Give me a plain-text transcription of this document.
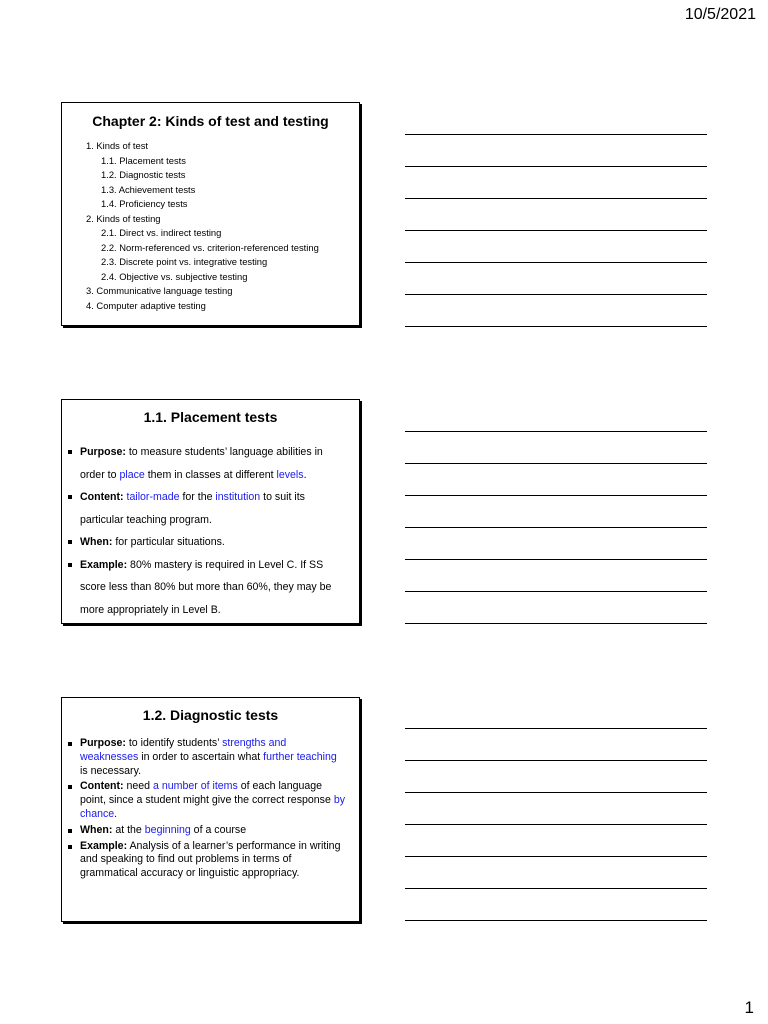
10/5/2021
Chapter 2: Kinds of test and testing
1. Kinds of test
1.1. Placement tests
1.2. Diagnostic tests
1.3. Achievement tests
1.4. Proficiency tests
2. Kinds of testing
2.1. Direct vs. indirect testing
2.2. Norm-referenced vs. criterion-referenced testing
2.3. Discrete point vs. integrative testing
2.4. Objective vs. subjective testing
3. Communicative language testing
4. Computer adaptive testing
1.1. Placement tests
Purpose: to measure students’ language abilities in order to place them in classes at different levels.
Content: tailor-made for the institution to suit its particular teaching program.
When: for particular situations.
Example: 80% mastery is required in Level C. If SS score less than 80% but more than 60%, they may be more appropriately in Level B.
1.2. Diagnostic tests
Purpose: to identify students’ strengths and weaknesses in order to ascertain what further teaching is necessary.
Content: need a number of items of each language point, since a student might give the correct response by chance.
When: at the beginning of a course
Example: Analysis of a learner’s performance in writing and speaking to find out problems in terms of grammatical accuracy or linguistic appropriacy.
1
